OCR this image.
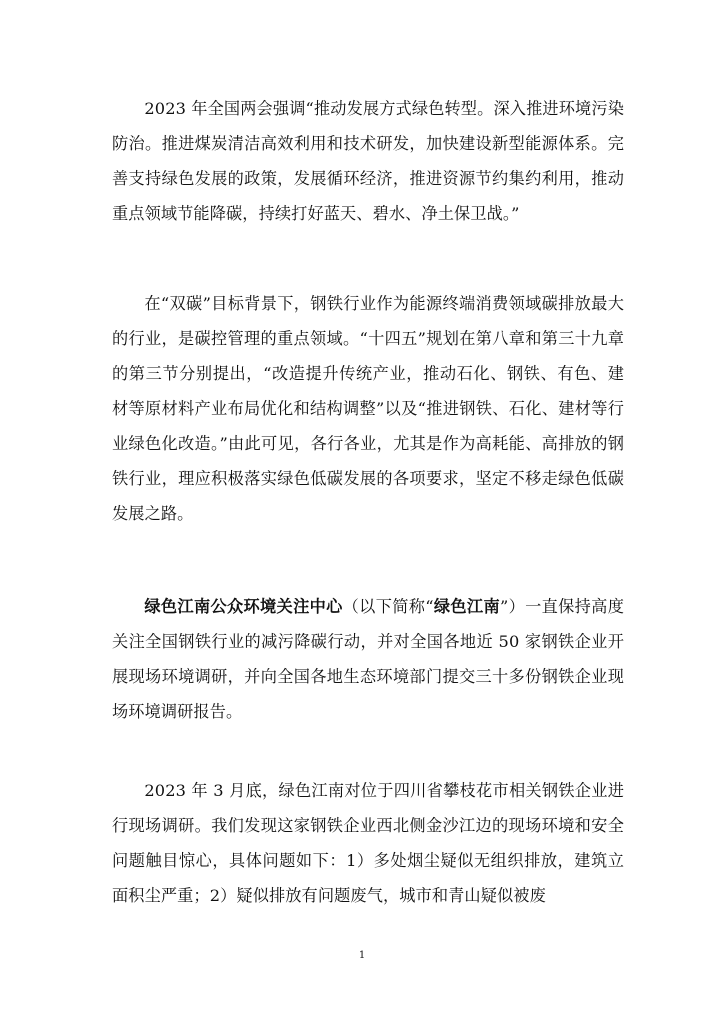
2023 年全国两会强调“推动发展方式绿色转型。深入推进环境污染防治。推进煤炭清洁高效利用和技术研发，加快建设新型能源体系。完善支持绿色发展的政策，发展循环经济，推进资源节约集约利用，推动重点领域节能降碳，持续打好蓝天、碧水、净土保卫战。”

在“双碳”目标背景下，钢铁行业作为能源终端消费领域碳排放最大的行业，是碳控管理的重点领域。“十四五”规划在第八章和第三十九章的第三节分别提出，“改造提升传统产业，推动石化、钢铁、有色、建材等原材料产业布局优化和结构调整”以及“推进钢铁、石化、建材等行业绿色化改造。”由此可见，各行各业，尤其是作为高耗能、高排放的钢铁行业，理应积极落实绿色低碳发展的各项要求，坚定不移走绿色低碳发展之路。

绿色江南公众环境关注中心（以下简称“绿色江南”）一直保持高度关注全国钢铁行业的减污降碳行动，并对全国各地近 50 家钢铁企业开展现场环境调研，并向全国各地生态环境部门提交三十多份钢铁企业现场环境调研报告。

2023 年 3 月底，绿色江南对位于四川省攀枝花市相关钢铁企业进行现场调研。我们发现这家钢铁企业西北侧金沙江边的现场环境和安全问题触目惊心，具体问题如下：1）多处烟尘疑似无组织排放，建筑立面积尘严重；2）疑似排放有问题废气，城市和青山疑似被废

1
